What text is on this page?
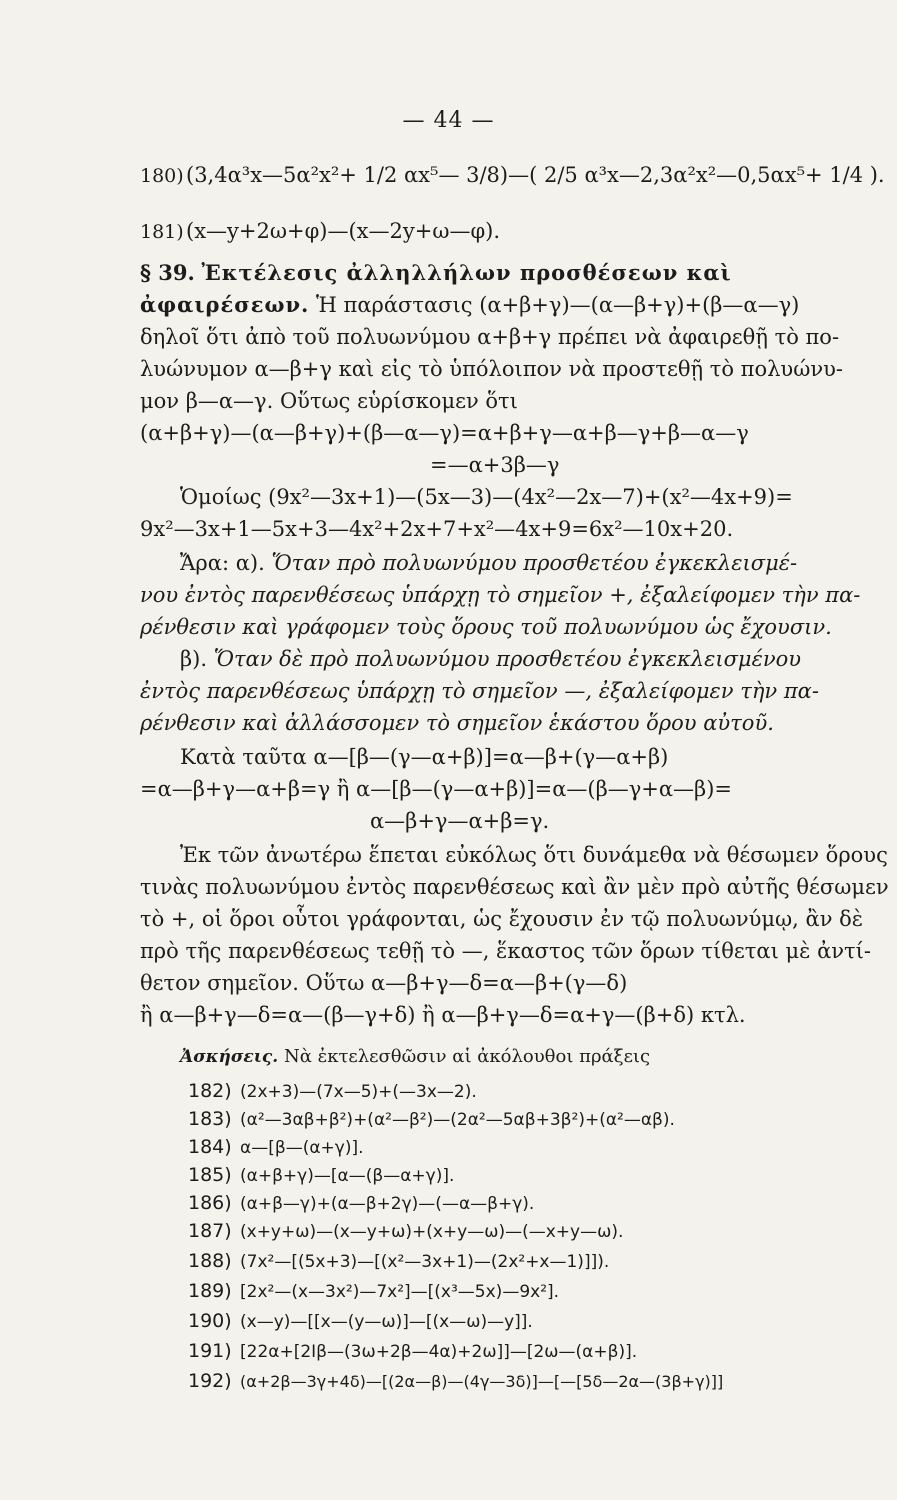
— 44 —
180) (3,4α³x—5α²x²+ 1/2 αx⁵— 3/8)—( 2/5 α³x—2,3α²x²—0,5αx⁵+ 1/4 ).
181) (x—y+2ω+φ)—(x—2y+ω—φ).
§ 39. Ἐκτέλεσις ἀλληλλήλων προσθέσεων καὶ
ἀφαιρέσεων. Ἡ παράστασις (α+β+γ)—(α—β+γ)+(β—α—γ)
δηλοῖ ὅτι ἀπὸ τοῦ πολυωνύμου α+β+γ πρέπει νὰ ἀφαιρεθῇ τὸ πο-
λυώνυμον α—β+γ καὶ εἰς τὸ ὑπόλοιπον νὰ προστεθῇ τὸ πολυώνυ-
μον β—α—γ. Οὕτως εὑρίσκομεν ὅτι
(α+β+γ)—(α—β+γ)+(β—α—γ)=α+β+γ—α+β—γ+β—α—γ
=—α+3β—γ
Ὁμοίως (9x²—3x+1)—(5x—3)—(4x²—2x—7)+(x²—4x+9)=
9x²—3x+1—5x+3—4x²+2x+7+x²—4x+9=6x²—10x+20.
Ἄρα: α). Ὅταν πρὸ πολυωνύμου προσθετέου ἐγκεκλεισμέ-
νου ἐντὸς παρενθέσεως ὑπάρχῃ τὸ σημεῖον +, ἐξαλείφομεν τὴν πα-
ρένθεσιν καὶ γράφομεν τοὺς ὅρους τοῦ πολυωνύμου ὡς ἔχουσιν.
β). Ὅταν δὲ πρὸ πολυωνύμου προσθετέου ἐγκεκλεισμένου
ἐντὸς παρενθέσεως ὑπάρχῃ τὸ σημεῖον —, ἐξαλείφομεν τὴν πα-
ρένθεσιν καὶ ἀλλάσσομεν τὸ σημεῖον ἑκάστου ὅρου αὐτοῦ.
Κατὰ ταῦτα α—[β—(γ—α+β)]=α—β+(γ—α+β)
=α—β+γ—α+β=γ ἢ α—[β—(γ—α+β)]=α—(β—γ+α—β)=
α—β+γ—α+β=γ.
Ἐκ τῶν ἀνωτέρω ἕπεται εὐκόλως ὅτι δυνάμεθα νὰ θέσωμεν ὅρους
τινὰς πολυωνύμου ἐντὸς παρενθέσεως καὶ ἂν μὲν πρὸ αὐτῆς θέσωμεν
τὸ +, οἱ ὅροι οὗτοι γράφονται, ὡς ἔχουσιν ἐν τῷ πολυωνύμῳ, ἂν δὲ
πρὸ τῆς παρενθέσεως τεθῇ τὸ —, ἕκαστος τῶν ὅρων τίθεται μὲ ἀντί-
θετον σημεῖον. Οὕτω α—β+γ—δ=α—β+(γ—δ)
ἢ α—β+γ—δ=α—(β—γ+δ) ἢ α—β+γ—δ=α+γ—(β+δ) κτλ.
Ἀσκήσεις. Νὰ ἐκτελεσθῶσιν αἱ ἀκόλουθοι πράξεις
182) (2x+3)—(7x—5)+(—3x—2).
183) (α²—3αβ+β²)+(α²—β²)—(2α²—5αβ+3β²)+(α²—αβ).
184) α—[β—(α+γ)].
185) (α+β+γ)—[α—(β—α+γ)].
186) (α+β—γ)+(α—β+2γ)—(—α—β+γ).
187) (x+y+ω)—(x—y+ω)+(x+y—ω)—(—x+y—ω).
188) (7x²—[(5x+3)—[(x²—3x+1)—(2x²+x—1)]]).
189) [2x²—(x—3x²)—7x²]—[(x³—5x)—9x²].
190) (x—y)—[[x—(y—ω)]—[(x—ω)—y]].
191) [22α+[2Iβ—(3ω+2β—4α)+2ω]]—[2ω—(α+β)].
192) (α+2β—3γ+4δ)—[(2α—β)—(4γ—3δ)]—[—[5δ—2α—(3β+γ)]]
